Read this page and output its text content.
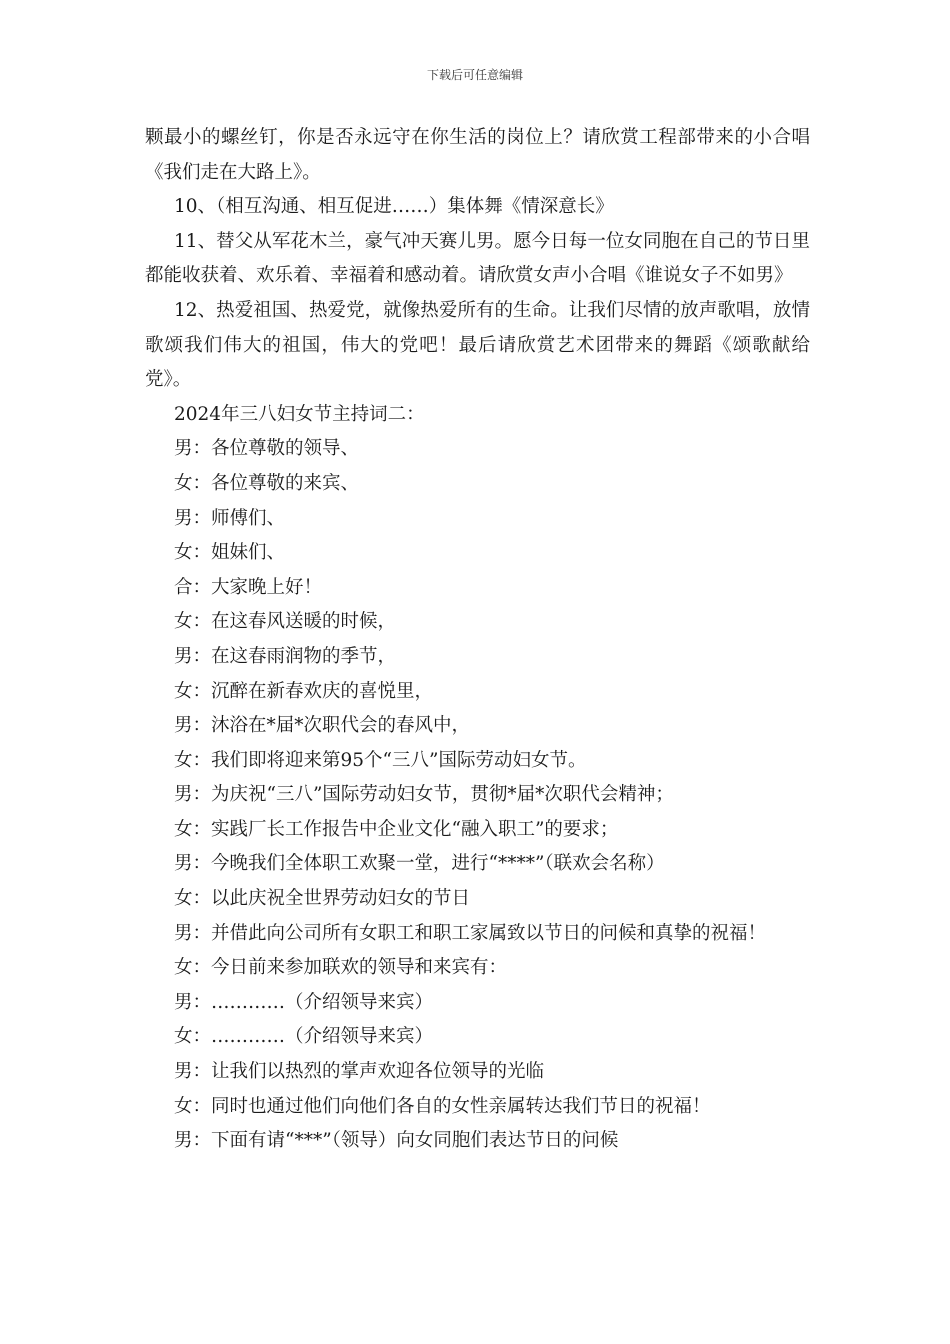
下载后可任意编辑

颗最小的螺丝钉，你是否永远守在你生活的岗位上？请欣赏工程部带来的小合唱《我们走在大路上》。

10、（相互沟通、相互促进……）集体舞《情深意长》

11、替父从军花木兰，豪气冲天赛儿男。愿今日每一位女同胞在自己的节日里都能收获着、欢乐着、幸福着和感动着。请欣赏女声小合唱《谁说女子不如男》

12、热爱祖国、热爱党，就像热爱所有的生命。让我们尽情的放声歌唱，放情歌颂我们伟大的祖国，伟大的党吧！最后请欣赏艺术团带来的舞蹈《颂歌献给党》。

2024年三八妇女节主持词二：

男：各位尊敬的领导、

女：各位尊敬的来宾、

男：师傅们、

女：姐妹们、

合：大家晚上好！

女：在这春风送暖的时候，

男：在这春雨润物的季节，

女：沉醉在新春欢庆的喜悦里，

男：沐浴在*届*次职代会的春风中，

女：我们即将迎来第95个“三八”国际劳动妇女节。

男：为庆祝“三八”国际劳动妇女节，贯彻*届*次职代会精神；

女：实践厂长工作报告中企业文化“融入职工”的要求；

男：今晚我们全体职工欢聚一堂，进行“****”（联欢会名称）

女：以此庆祝全世界劳动妇女的节日

男：并借此向公司所有女职工和职工家属致以节日的问候和真挚的祝福！

女：今日前来参加联欢的领导和来宾有：

男：…………（介绍领导来宾）

女：…………（介绍领导来宾）

男：让我们以热烈的掌声欢迎各位领导的光临

女：同时也通过他们向他们各自的女性亲属转达我们节日的祝福！

男：下面有请“***”（领导）向女同胞们表达节日的问候
